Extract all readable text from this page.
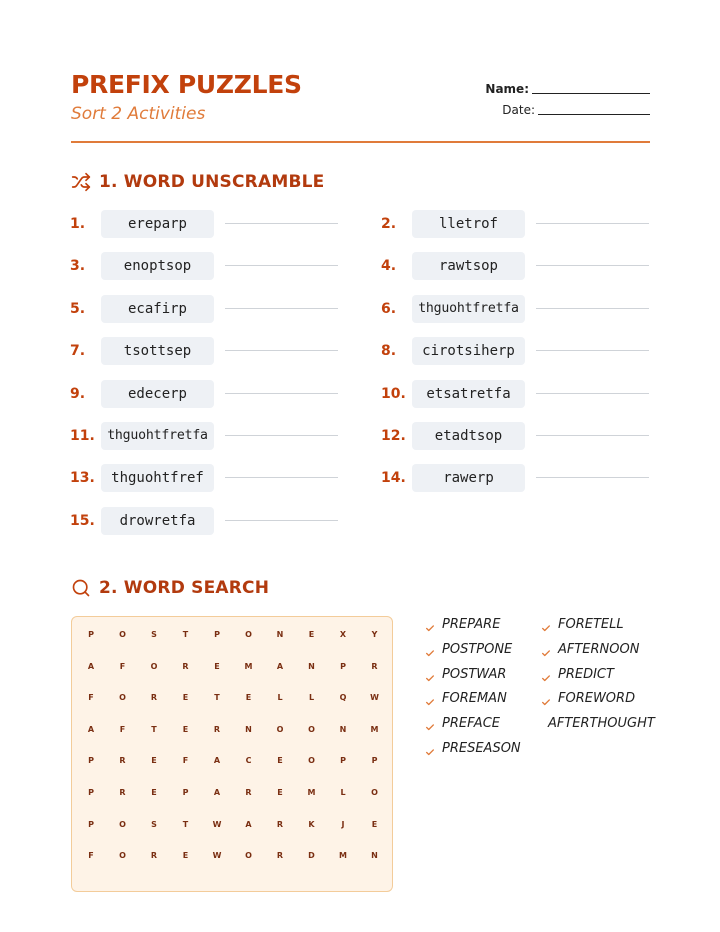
PREFIX PUZZLES
Sort 2 Activities
Name:
Date:
1. WORD UNSCRAMBLE
1.	ereparp	2.	lletrof
3.	enoptsop	4.	rawtsop
5.	ecafirp	6.	thguohtfretfa
7.	tsottsep	8.	cirotsiherp
9.	edecerp	10.	etsatretfa
11. thguohtfretfa	12.	etadtsop
13.	thguohtfref	14.	rawerp
15.	drowretfa
2. WORD SEARCH
P	O	S	T	P	O	N	E	X	Y
A	F	O	R	E	M	A	N	P	R
F	O	R	E	T	E	L	L	Q	W
A	F	T	E	R	N	O	O	N	M
P	R	E	F	A	C	E	O	P	P
P	R	E	P	A	R	E	M	L	O
P	O	S	T	W	A	R	K	J	E
F	O	R	E	W	O	R	D	M	N
PREPARE
POSTPONE
POSTWAR
FOREMAN
PREFACE
PRESEASON
FORETELL
AFTERNOON
PREDICT
FOREWORD
AFTERTHOUGHT
